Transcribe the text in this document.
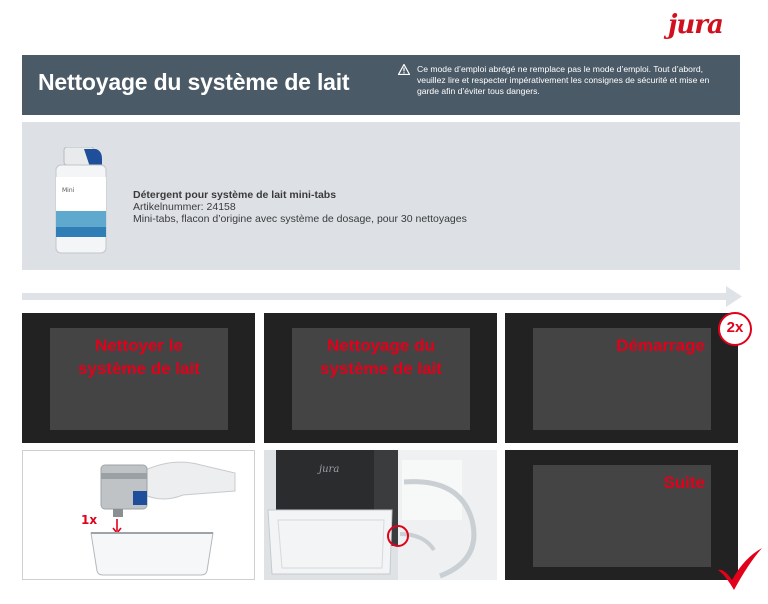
jura
Nettoyage du système de lait	Ce mode d’emploi abrégé ne remplace pas le mode d’emploi. Tout d’abord, veuillez lire et respecter impérativement les consignes de sécurité et mise en garde afin d’éviter tous dangers.
Mini	Détergent pour système de lait mini-tabs
Artikelnummer: 24158
Mini-tabs, flacon d’origine avec système de dosage, pour 30 nettoyages
Nettoyer le
système de lait
Nettoyage du
système de lait
Démarrage
2x
1x
jura
Suite
